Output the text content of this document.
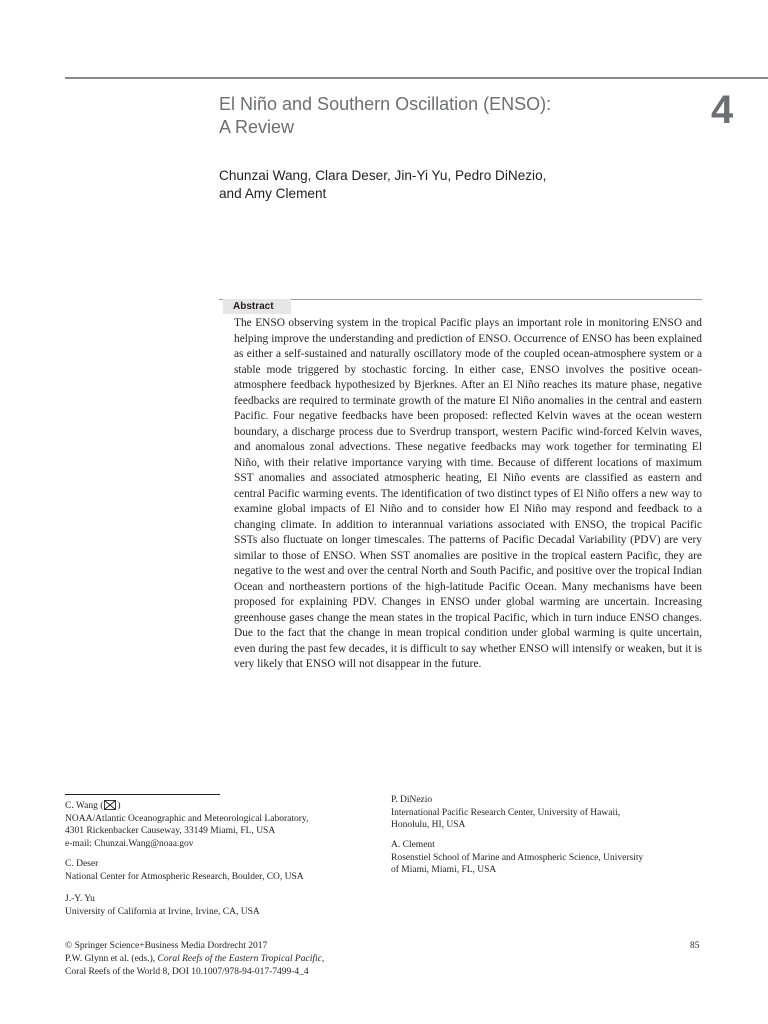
El Niño and Southern Oscillation (ENSO):
A Review	4
Chunzai Wang, Clara Deser, Jin-Yi Yu, Pedro DiNezio,
and Amy Clement
Abstract

The ENSO observing system in the tropical Pacific plays an important role in monitoring ENSO and helping improve the understanding and prediction of ENSO. Occurrence of ENSO has been explained as either a self-sustained and naturally oscillatory mode of the coupled ocean-atmosphere system or a stable mode triggered by stochastic forcing. In either case, ENSO involves the positive ocean-atmosphere feedback hypothesized by Bjerknes. After an El Niño reaches its mature phase, negative feedbacks are required to terminate growth of the mature El Niño anomalies in the central and eastern Pacific. Four negative feedbacks have been proposed: reflected Kelvin waves at the ocean western boundary, a discharge process due to Sverdrup transport, western Pacific wind-forced Kelvin waves, and anomalous zonal advections. These negative feedbacks may work together for terminating El Niño, with their relative importance varying with time. Because of different locations of maximum SST anomalies and associated atmospheric heating, El Niño events are classified as eastern and central Pacific warming events. The identification of two distinct types of El Niño offers a new way to examine global impacts of El Niño and to consider how El Niño may respond and feedback to a changing climate. In addition to interannual variations associated with ENSO, the tropical Pacific SSTs also fluctuate on longer timescales. The patterns of Pacific Decadal Variability (PDV) are very similar to those of ENSO. When SST anomalies are positive in the tropical eastern Pacific, they are negative to the west and over the central North and South Pacific, and positive over the tropical Indian Ocean and northeastern portions of the high-latitude Pacific Ocean. Many mechanisms have been proposed for explaining PDV. Changes in ENSO under global warming are uncertain. Increasing greenhouse gases change the mean states in the tropical Pacific, which in turn induce ENSO changes. Due to the fact that the change in mean tropical condition under global warming is quite uncertain, even during the past few decades, it is difficult to say whether ENSO will intensify or weaken, but it is very likely that ENSO will not disappear in the future.

C. Wang ( )
NOAA/Atlantic Oceanographic and Meteorological Laboratory,
4301 Rickenbacker Causeway, 33149 Miami, FL, USA
e-mail: Chunzai.Wang@noaa.gov
C. Deser
National Center for Atmospheric Research, Boulder, CO, USA
J.-Y. Yu
University of California at Irvine, Irvine, CA, USA
P. DiNezio
International Pacific Research Center, University of Hawaii,
Honolulu, HI, USA
A. Clement
Rosenstiel School of Marine and Atmospheric Science, University
of Miami, Miami, FL, USA
© Springer Science+Business Media Dordrecht 2017
P.W. Glynn et al. (eds.), Coral Reefs of the Eastern Tropical Pacific,
Coral Reefs of the World 8, DOI 10.1007/978-94-017-7499-4_4
85
